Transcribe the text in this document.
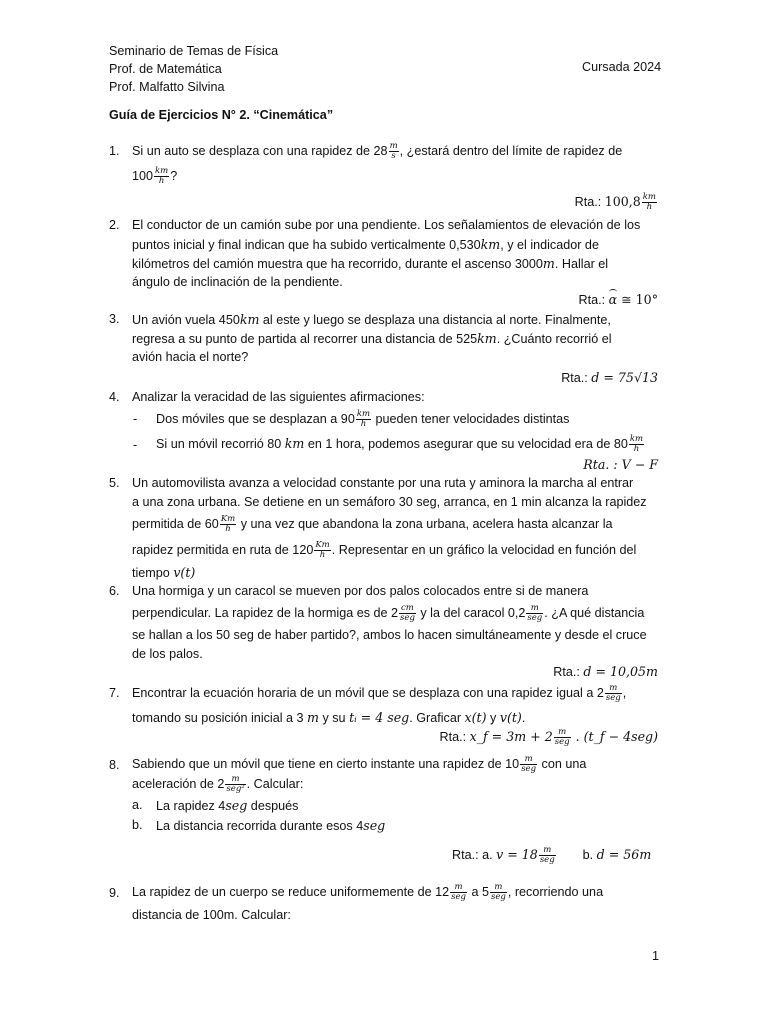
Seminario de Temas de Física
Prof. de Matemática
Prof. Malfatto Silvina
Cursada 2024
Guía de Ejercicios N° 2. “Cinemática”
1. Si un auto se desplaza con una rapidez de $28 \frac{m}{s}$ , ¿estará dentro del límite de rapidez de
$100 \frac{km}{h}$ ?
Rta.: $100,8 \frac{km}{h}$
2. El conductor de un camión sube por una pendiente. Los señalamientos de elevación de los
puntos inicial y final indican que ha subido verticalmente 0,530km, y el indicador de
kilómetros del camión muestra que ha recorrido, durante el ascenso 3000m. Hallar el
ángulo de inclinación de la pendiente.
Rta.: α ≅ 10°
3. Un avión vuela 450km al este y luego se desplaza una distancia al norte. Finalmente,
regresa a su punto de partida al recorrer una distancia de 525km. ¿Cuánto recorrió el
avión hacia el norte?
Rta.: d = 75√13
4. Analizar la veracidad de las siguientes afirmaciones:
- Dos móviles que se desplazan a $90 \frac{km}{h}$ pueden tener velocidades distintas
- Si un móvil recorrió 80 km en 1 hora, podemos asegurar que su velocidad era de $80 \frac{km}{h}$
Rta. : V − F
5. Un automovilista avanza a velocidad constante por una ruta y aminora la marcha al entrar
a una zona urbana. Se detiene en un semáforo 30 seg, arranca, en 1 min alcanza la rapidez
permitida de $60 \frac{Km}{h}$ y una vez que abandona la zona urbana, acelera hasta alcanzar la
rapidez permitida en ruta de $120 \frac{Km}{h}$ . Representar en un gráfico la velocidad en función del
tiempo v(t)
6. Una hormiga y un caracol se mueven por dos palos colocados entre si de manera
perpendicular. La rapidez de la hormiga es de $2 \frac{cm}{\text{seg}}$ y la del caracol $0,2 \frac{m}{\text{seg}}$ . ¿A qué distancia
se hallan a los 50 seg de haber partido?, ambos lo hacen simultáneamente y desde el cruce
de los palos.
Rta.: d = 10,05m
7. Encontrar la ecuación horaria de un móvil que se desplaza con una rapidez igual a $2 \frac{m}{\text{seg}}$ ,
tomando su posición inicial a 3 m y su tᵢ = 4 seg. Graficar x(t) y v(t).
Rta.: x_f = $3m + 2 \frac{m}{\text{seg}}$ . (t_f − 4seg)
8. Sabiendo que un móvil que tiene en cierto instante una rapidez de $10 \frac{m}{\text{seg}}$ con una
aceleración de $2 \frac{m}{\text{seg²}}$ . Calcular:
a. La rapidez 4seg después
b. La distancia recorrida durante esos 4seg
Rta.: a. $v = 18 \frac{m}{\text{seg}} b$. d = 56m
9. La rapidez de un cuerpo se reduce uniformemente de $12 \frac{m}{\text{seg}}$ a $5 \frac{m}{\text{seg}}$ , recorriendo una
distancia de 100m. Calcular:
1
